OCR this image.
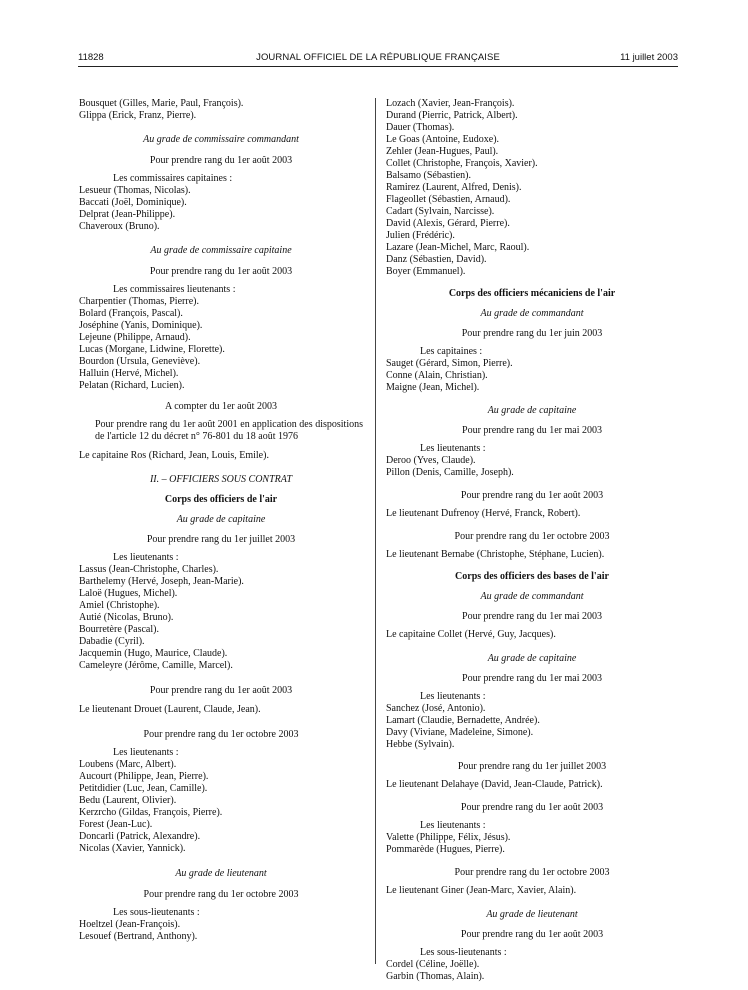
11828	JOURNAL OFFICIEL DE LA RÉPUBLIQUE FRANÇAISE	11 juillet 2003
Bousquet (Gilles, Marie, Paul, François).
Glippa (Erick, Franz, Pierre).
Au grade de commissaire commandant
Pour prendre rang du 1er août 2003
Les commissaires capitaines :
Lesueur (Thomas, Nicolas).
Baccati (Joël, Dominique).
Delprat (Jean-Philippe).
Chaveroux (Bruno).
Au grade de commissaire capitaine
Pour prendre rang du 1er août 2003
Les commissaires lieutenants :
Charpentier (Thomas, Pierre).
Bolard (François, Pascal).
Joséphine (Yanis, Dominique).
Lejeune (Philippe, Arnaud).
Lucas (Morgane, Lidwine, Florette).
Bourdon (Ursula, Geneviève).
Halluin (Hervé, Michel).
Pelatan (Richard, Lucien).
A compter du 1er août 2003
Pour prendre rang du 1er août 2001 en application des dispositions de l'article 12 du décret n° 76-801 du 18 août 1976
Le capitaine Ros (Richard, Jean, Louis, Emile).
II. – OFFICIERS SOUS CONTRAT
Corps des officiers de l'air
Au grade de capitaine
Pour prendre rang du 1er juillet 2003
Les lieutenants :
Lassus (Jean-Christophe, Charles).
Barthelemy (Hervé, Joseph, Jean-Marie).
Laloë (Hugues, Michel).
Amiel (Christophe).
Autié (Nicolas, Bruno).
Bourretère (Pascal).
Dabadie (Cyril).
Jacquemin (Hugo, Maurice, Claude).
Cameleyre (Jérôme, Camille, Marcel).
Pour prendre rang du 1er août 2003
Le lieutenant Drouet (Laurent, Claude, Jean).
Pour prendre rang du 1er octobre 2003
Les lieutenants :
Loubens (Marc, Albert).
Aucourt (Philippe, Jean, Pierre).
Petitdidier (Luc, Jean, Camille).
Bedu (Laurent, Olivier).
Kerzrcho (Gildas, François, Pierre).
Forest (Jean-Luc).
Doncarli (Patrick, Alexandre).
Nicolas (Xavier, Yannick).
Au grade de lieutenant
Pour prendre rang du 1er octobre 2003
Les sous-lieutenants :
Hoeltzel (Jean-François).
Lesouef (Bertrand, Anthony).
Lozach (Xavier, Jean-François).
Durand (Pierric, Patrick, Albert).
Dauer (Thomas).
Le Goas (Antoine, Eudoxe).
Zehler (Jean-Hugues, Paul).
Collet (Christophe, François, Xavier).
Balsamo (Sébastien).
Ramirez (Laurent, Alfred, Denis).
Flageollet (Sébastien, Arnaud).
Cadart (Sylvain, Narcisse).
David (Alexis, Gérard, Pierre).
Julien (Frédéric).
Lazare (Jean-Michel, Marc, Raoul).
Danz (Sébastien, David).
Boyer (Emmanuel).
Corps des officiers mécaniciens de l'air
Au grade de commandant
Pour prendre rang du 1er juin 2003
Les capitaines :
Sauget (Gérard, Simon, Pierre).
Conne (Alain, Christian).
Maigne (Jean, Michel).
Au grade de capitaine
Pour prendre rang du 1er mai 2003
Les lieutenants :
Deroo (Yves, Claude).
Pillon (Denis, Camille, Joseph).
Pour prendre rang du 1er août 2003
Le lieutenant Dufrenoy (Hervé, Franck, Robert).
Pour prendre rang du 1er octobre 2003
Le lieutenant Bernabe (Christophe, Stéphane, Lucien).
Corps des officiers des bases de l'air
Au grade de commandant
Pour prendre rang du 1er mai 2003
Le capitaine Collet (Hervé, Guy, Jacques).
Au grade de capitaine
Pour prendre rang du 1er mai 2003
Les lieutenants :
Sanchez (José, Antonio).
Lamart (Claudie, Bernadette, Andrée).
Davy (Viviane, Madeleine, Simone).
Hebbe (Sylvain).
Pour prendre rang du 1er juillet 2003
Le lieutenant Delahaye (David, Jean-Claude, Patrick).
Pour prendre rang du 1er août 2003
Les lieutenants :
Valette (Philippe, Félix, Jésus).
Pommarède (Hugues, Pierre).
Pour prendre rang du 1er octobre 2003
Le lieutenant Giner (Jean-Marc, Xavier, Alain).
Au grade de lieutenant
Pour prendre rang du 1er août 2003
Les sous-lieutenants :
Cordel (Céline, Joëlle).
Garbin (Thomas, Alain).
